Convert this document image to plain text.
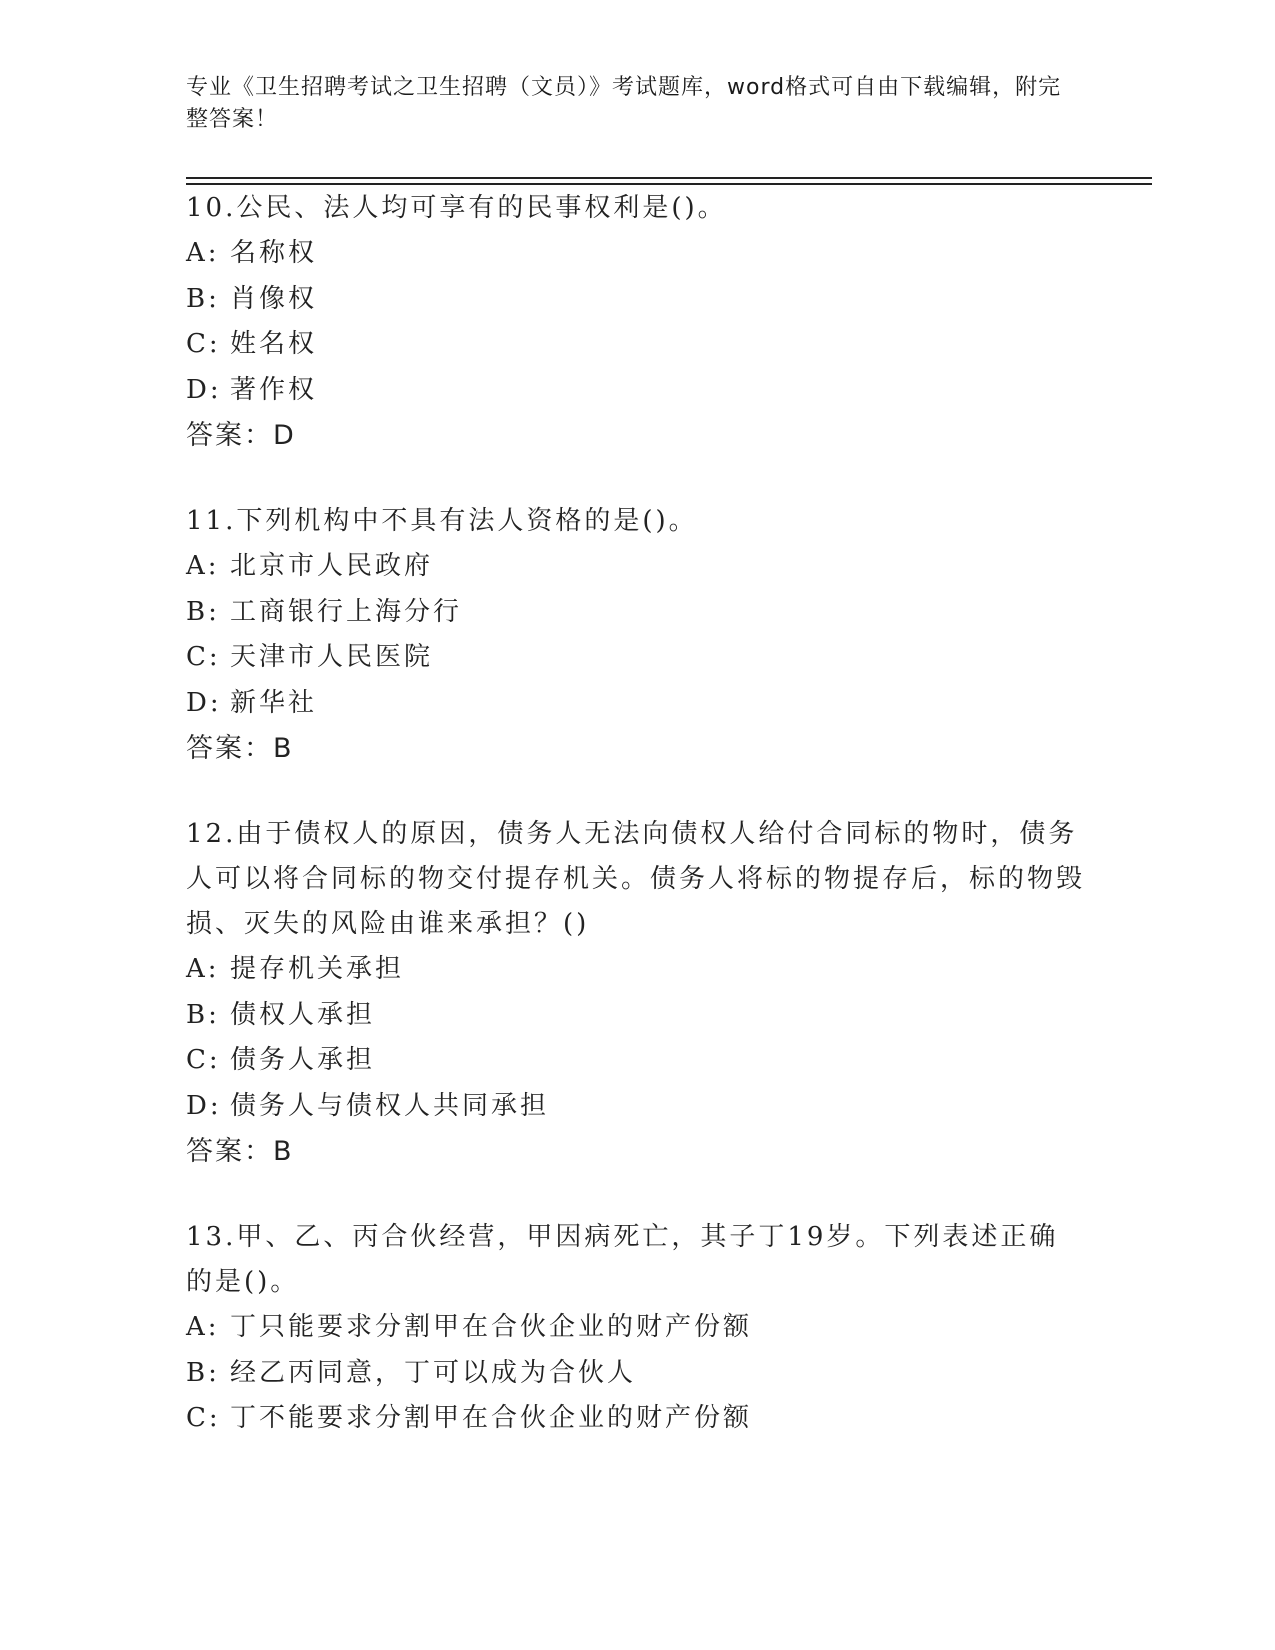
专业《卫生招聘考试之卫生招聘（文员）》考试题库，word格式可自由下载编辑，附完整答案！

10.公民、法人均可享有的民事权利是()。

A: 名称权

B: 肖像权

C: 姓名权

D: 著作权

答案：D

11.下列机构中不具有法人资格的是()。

A: 北京市人民政府

B: 工商银行上海分行

C: 天津市人民医院

D: 新华社

答案：B

12.由于债权人的原因，债务人无法向债权人给付合同标的物时，债务人可以将合同标的物交付提存机关。债务人将标的物提存后，标的物毁损、灭失的风险由谁来承担？()

A: 提存机关承担

B: 债权人承担

C: 债务人承担

D: 债务人与债权人共同承担

答案：B

13.甲、乙、丙合伙经营，甲因病死亡，其子丁19岁。下列表述正确的是()。

A: 丁只能要求分割甲在合伙企业的财产份额

B: 经乙丙同意，丁可以成为合伙人

C: 丁不能要求分割甲在合伙企业的财产份额
